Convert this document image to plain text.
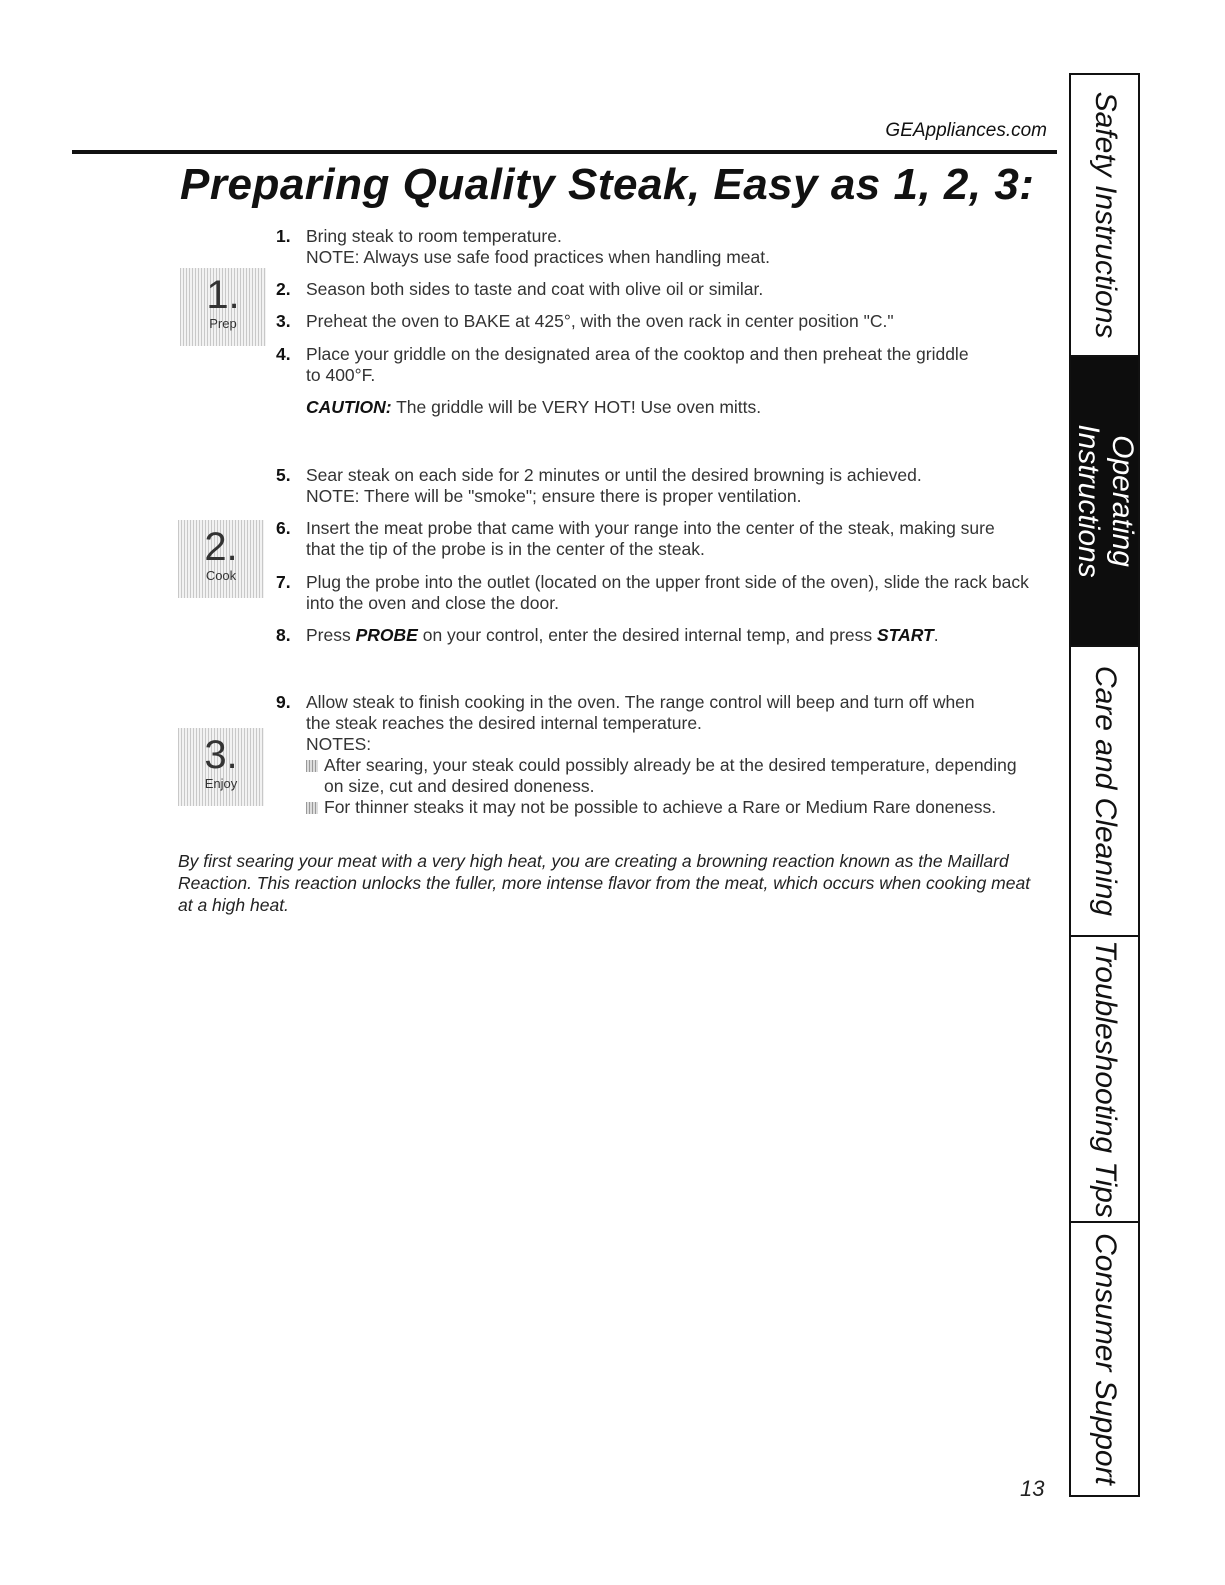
GEAppliances.com
Preparing Quality Steak, Easy as 1, 2, 3:
1.
Prep
2.
Cook
3.
Enjoy
1. Bring steak to room temperature.
NOTE: Always use safe food practices when handling meat.
2. Season both sides to taste and coat with olive oil or similar.
3. Preheat the oven to BAKE at 425°, with the oven rack in center position "C."
4. Place your griddle on the designated area of the cooktop and then preheat the griddle
to 400°F.
CAUTION: The griddle will be VERY HOT! Use oven mitts.
5. Sear steak on each side for 2 minutes or until the desired browning is achieved.
NOTE: There will be "smoke"; ensure there is proper ventilation.
6. Insert the meat probe that came with your range into the center of the steak, making sure
that the tip of the probe is in the center of the steak.
7. Plug the probe into the outlet (located on the upper front side of the oven), slide the rack back
into the oven and close the door.
8. Press PROBE on your control, enter the desired internal temp, and press START.
9. Allow steak to finish cooking in the oven. The range control will beep and turn off when
the steak reaches the desired internal temperature.
NOTES:
After searing, your steak could possibly already be at the desired temperature, depending
on size, cut and desired doneness.
For thinner steaks it may not be possible to achieve a Rare or Medium Rare doneness.
By first searing your meat with a very high heat, you are creating a browning reaction known as the Maillard Reaction. This reaction unlocks the fuller, more intense flavor from the meat, which occurs when cooking meat at a high heat.
13
Safety Instructions
Operating
Instructions
Care and Cleaning
Troubleshooting Tips
Consumer Support
